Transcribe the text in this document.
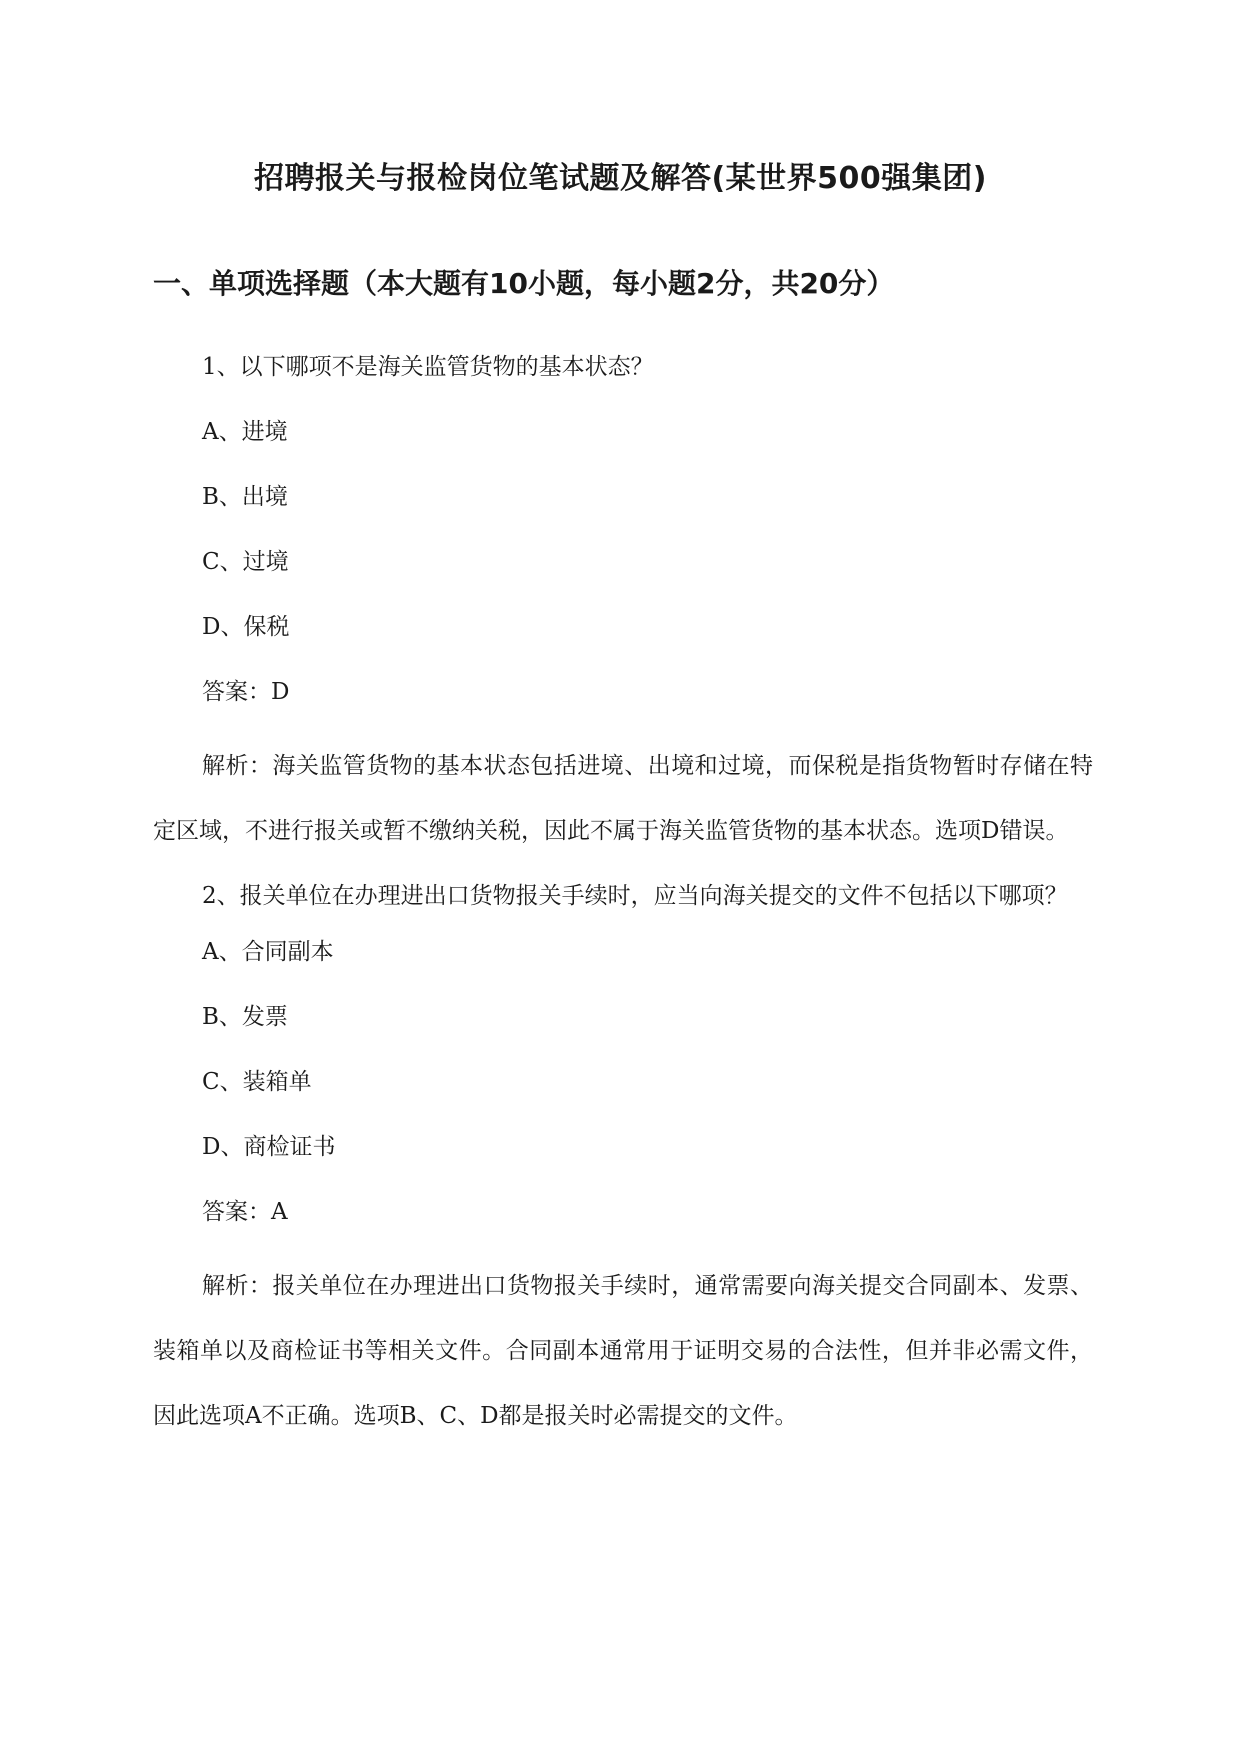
招聘报关与报检岗位笔试题及解答(某世界500强集团)
一、单项选择题（本大题有10小题，每小题2分，共20分）

1、以下哪项不是海关监管货物的基本状态？

A、进境

B、出境

C、过境

D、保税

答案：D

解析：海关监管货物的基本状态包括进境、出境和过境，而保税是指货物暂时存储在特定区域，不进行报关或暂不缴纳关税，因此不属于海关监管货物的基本状态。选项D错误。

2、报关单位在办理进出口货物报关手续时，应当向海关提交的文件不包括以下哪项？

A、合同副本

B、发票

C、装箱单

D、商检证书

答案：A

解析：报关单位在办理进出口货物报关手续时，通常需要向海关提交合同副本、发票、装箱单以及商检证书等相关文件。合同副本通常用于证明交易的合法性，但并非必需文件，因此选项A不正确。选项B、C、D都是报关时必需提交的文件。
